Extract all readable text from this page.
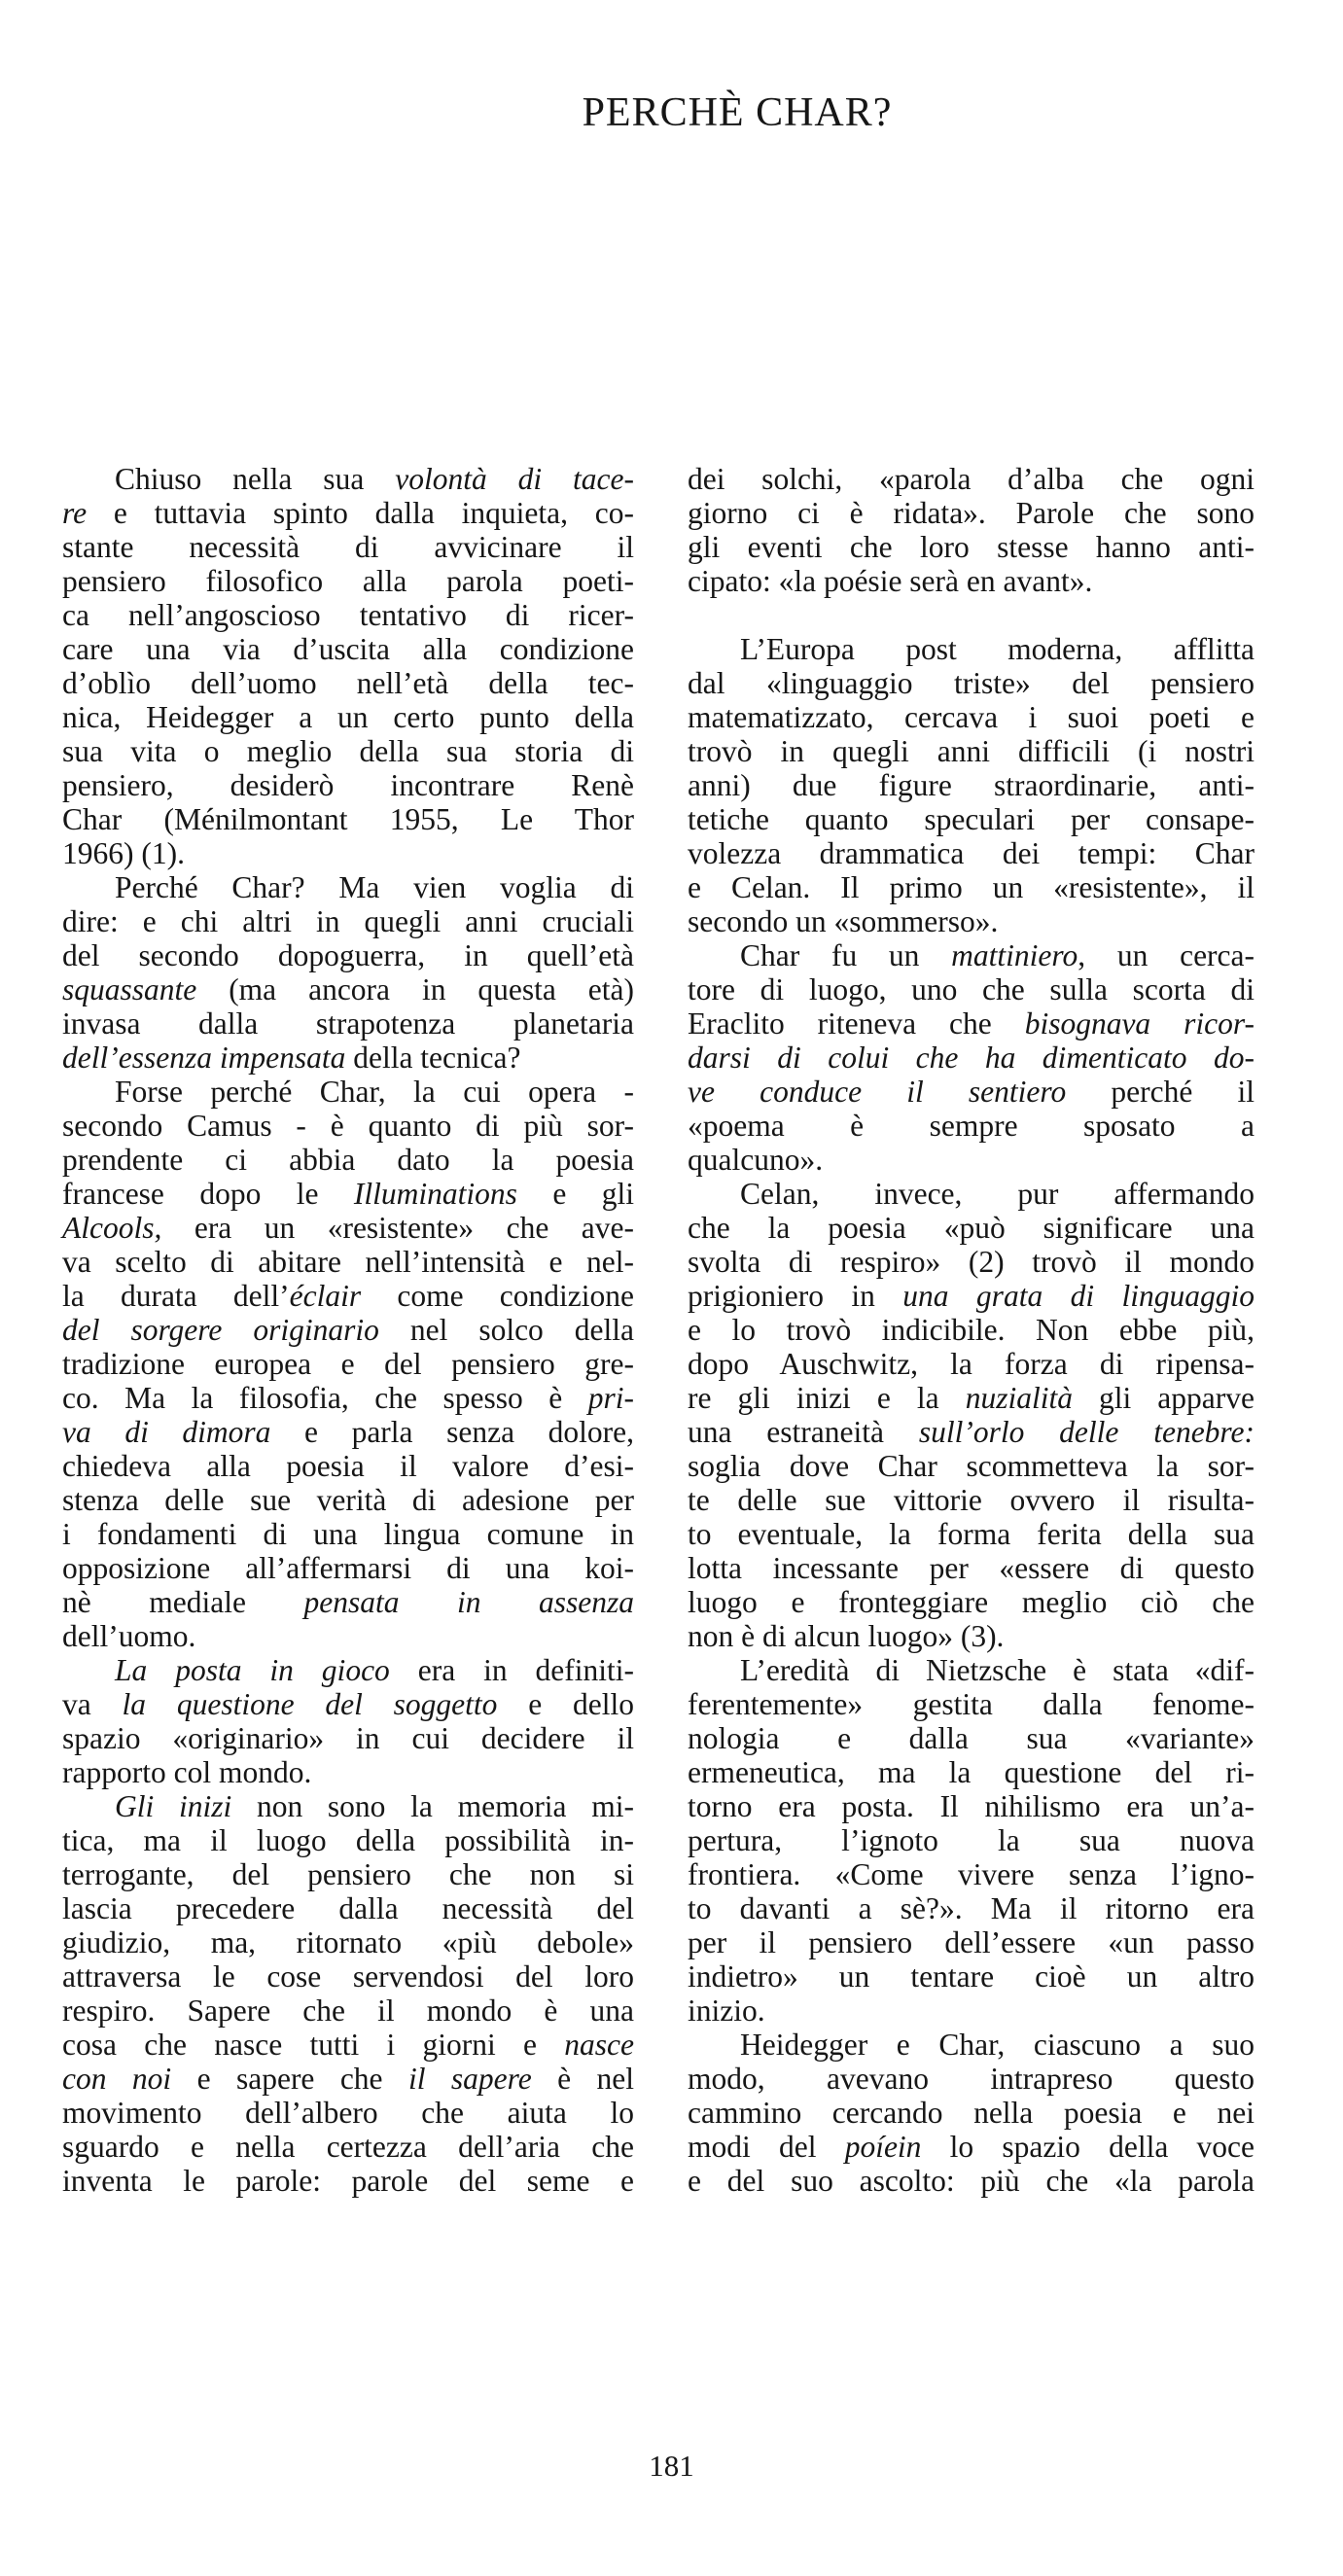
PERCHÈ CHAR?
Chiuso nella sua volontà di tace-
re e tuttavia spinto dalla inquieta, co-
stante necessità di avvicinare il
pensiero filosofico alla parola poeti-
ca nell’angoscioso tentativo di ricer-
care una via d’uscita alla condizione
d’oblìo dell’uomo nell’età della tec-
nica, Heidegger a un certo punto della
sua vita o meglio della sua storia di
pensiero, desiderò incontrare Renè
Char (Ménilmontant 1955, Le Thor
1966) (1).
Perché Char? Ma vien voglia di
dire: e chi altri in quegli anni cruciali
del secondo dopoguerra, in quell’età
squassante (ma ancora in questa età)
invasa dalla strapotenza planetaria
dell’essenza impensata della tecnica?
Forse perché Char, la cui opera -
secondo Camus - è quanto di più sor-
prendente ci abbia dato la poesia
francese dopo le Illuminations e gli
Alcools, era un «resistente» che ave-
va scelto di abitare nell’intensità e nel-
la durata dell’éclair come condizione
del sorgere originario nel solco della
tradizione europea e del pensiero gre-
co. Ma la filosofia, che spesso è pri-
va di dimora e parla senza dolore,
chiedeva alla poesia il valore d’esi-
stenza delle sue verità di adesione per
i fondamenti di una lingua comune in
opposizione all’affermarsi di una koi-
nè mediale pensata in assenza
dell’uomo.
La posta in gioco era in definiti-
va la questione del soggetto e dello
spazio «originario» in cui decidere il
rapporto col mondo.
Gli inizi non sono la memoria mi-
tica, ma il luogo della possibilità in-
terrogante, del pensiero che non si
lascia precedere dalla necessità del
giudizio, ma, ritornato «più debole»
attraversa le cose servendosi del loro
respiro. Sapere che il mondo è una
cosa che nasce tutti i giorni e nasce
con noi e sapere che il sapere è nel
movimento dell’albero che aiuta lo
sguardo e nella certezza dell’aria che
inventa le parole: parole del seme e
dei solchi, «parola d’alba che ogni
giorno ci è ridata». Parole che sono
gli eventi che loro stesse hanno anti-
cipato: «la poésie serà en avant».
L’Europa post moderna, afflitta
dal «linguaggio triste» del pensiero
matematizzato, cercava i suoi poeti e
trovò in quegli anni difficili (i nostri
anni) due figure straordinarie, anti-
tetiche quanto speculari per consape-
volezza drammatica dei tempi: Char
e Celan. Il primo un «resistente», il
secondo un «sommerso».
Char fu un mattiniero, un cerca-
tore di luogo, uno che sulla scorta di
Eraclito riteneva che bisognava ricor-
darsi di colui che ha dimenticato do-
ve conduce il sentiero perché il
«poema è sempre sposato a
qualcuno».
Celan, invece, pur affermando
che la poesia «può significare una
svolta di respiro» (2) trovò il mondo
prigioniero in una grata di linguaggio
e lo trovò indicibile. Non ebbe più,
dopo Auschwitz, la forza di ripensa-
re gli inizi e la nuzialità gli apparve
una estraneità sull’orlo delle tenebre:
soglia dove Char scommetteva la sor-
te delle sue vittorie ovvero il risulta-
to eventuale, la forma ferita della sua
lotta incessante per «essere di questo
luogo e fronteggiare meglio ciò che
non è di alcun luogo» (3).
L’eredità di Nietzsche è stata «dif-
ferentemente» gestita dalla fenome-
nologia e dalla sua «variante»
ermeneutica, ma la questione del ri-
torno era posta. Il nihilismo era un’a-
pertura, l’ignoto la sua nuova
frontiera. «Come vivere senza l’igno-
to davanti a sè?». Ma il ritorno era
per il pensiero dell’essere «un passo
indietro» un tentare cioè un altro
inizio.
Heidegger e Char, ciascuno a suo
modo, avevano intrapreso questo
cammino cercando nella poesia e nei
modi del poíein lo spazio della voce
e del suo ascolto: più che «la parola
181
